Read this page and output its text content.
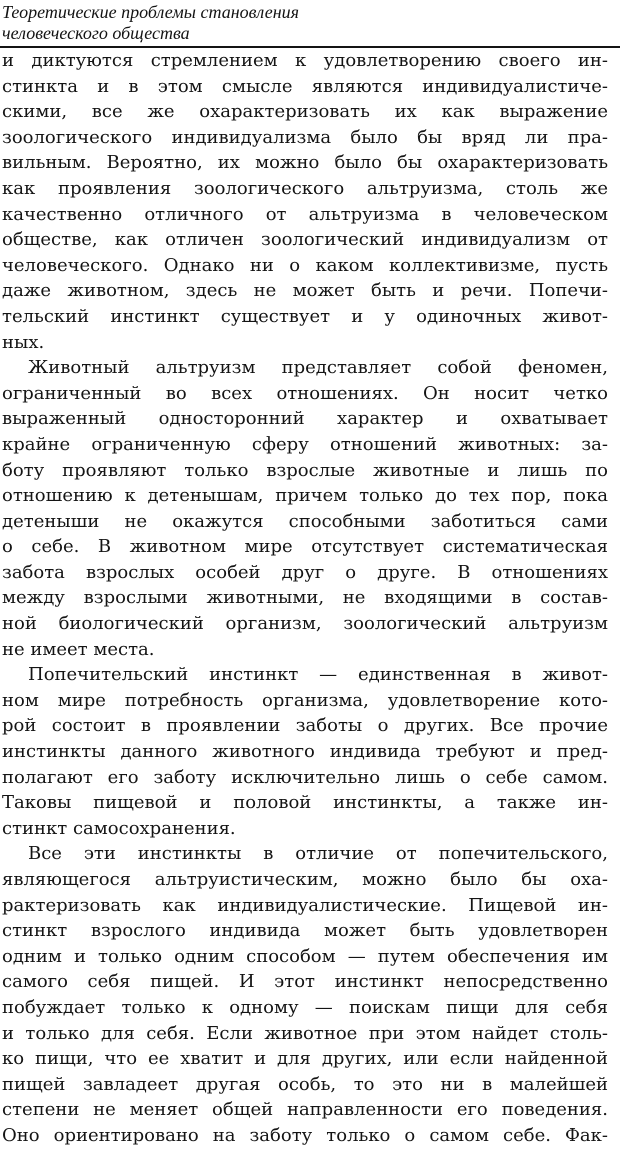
Теоретические проблемы становления
человеческого общества
и диктуются стремлением к удовлетворению своего ин-
стинкта и в этом смысле являются индивидуалистиче-
скими, все же охарактеризовать их как выражение
зоологического индивидуализма было бы вряд ли пра-
вильным. Вероятно, их можно было бы охарактеризовать
как проявления зоологического альтруизма, столь же
качественно отличного от альтруизма в человеческом
обществе, как отличен зоологический индивидуализм от
человеческого. Однако ни о каком коллективизме, пусть
даже животном, здесь не может быть и речи. Попечи-
тельский инстинкт существует и у одиночных живот-
ных.
Животный альтруизм представляет собой феномен,
ограниченный во всех отношениях. Он носит четко
выраженный односторонний характер и охватывает
крайне ограниченную сферу отношений животных: за-
боту проявляют только взрослые животные и лишь по
отношению к детенышам, причем только до тех пор, пока
детеныши не окажутся способными заботиться сами
о себе. В животном мире отсутствует систематическая
забота взрослых особей друг о друге. В отношениях
между взрослыми животными, не входящими в состав-
ной биологический организм, зоологический альтруизм
не имеет места.
Попечительский инстинкт — единственная в живот-
ном мире потребность организма, удовлетворение кото-
рой состоит в проявлении заботы о других. Все прочие
инстинкты данного животного индивида требуют и пред-
полагают его заботу исключительно лишь о себе самом.
Таковы пищевой и половой инстинкты, а также ин-
стинкт самосохранения.
Все эти инстинкты в отличие от попечительского,
являющегося альтруистическим, можно было бы оха-
рактеризовать как индивидуалистические. Пищевой ин-
стинкт взрослого индивида может быть удовлетворен
одним и только одним способом — путем обеспечения им
самого себя пищей. И этот инстинкт непосредственно
побуждает только к одному — поискам пищи для себя
и только для себя. Если животное при этом найдет столь-
ко пищи, что ее хватит и для других, или если найденной
пищей завладеет другая особь, то это ни в малейшей
степени не меняет общей направленности его поведения.
Оно ориентировано на заботу только о самом себе. Фак-
